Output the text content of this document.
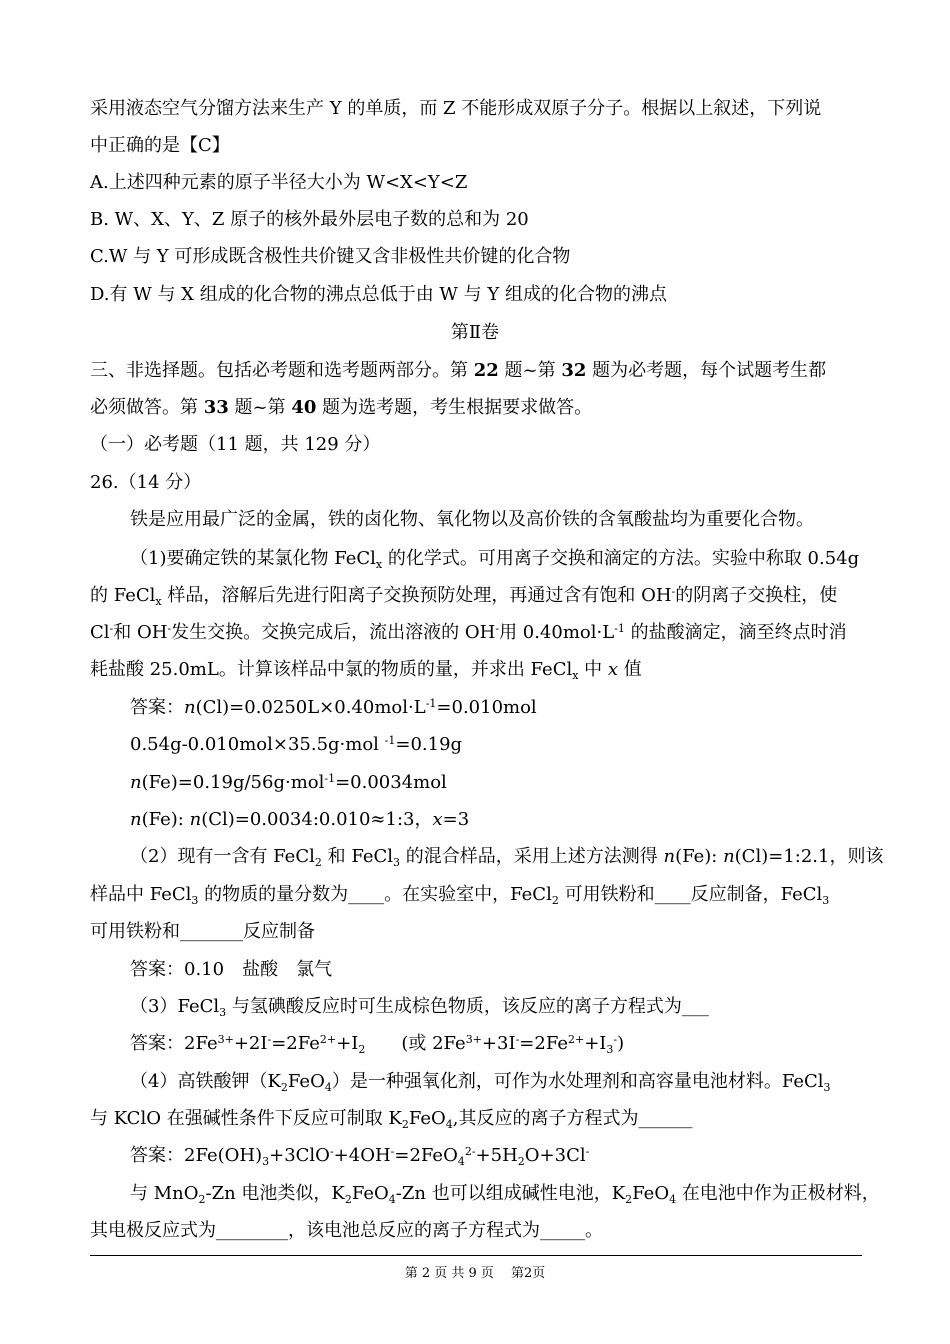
采用液态空气分馏方法来生产 Y 的单质，而 Z 不能形成双原子分子。根据以上叙述，下列说
中正确的是【C】
A.上述四种元素的原子半径大小为 W<X<Y<Z
B. W、X、Y、Z 原子的核外最外层电子数的总和为 20
C.W 与 Y 可形成既含极性共价键又含非极性共价键的化合物
D.有 W 与 X 组成的化合物的沸点总低于由 W 与 Y 组成的化合物的沸点
第Ⅱ卷
三、非选择题。包括必考题和选考题两部分。第 22 题~第 32 题为必考题，每个试题考生都
必须做答。第 33 题~第 40 题为选考题，考生根据要求做答。
（一）必考题（11 题，共 129 分）
26.（14 分）
铁是应用最广泛的金属，铁的卤化物、氧化物以及高价铁的含氧酸盐均为重要化合物。
（1)要确定铁的某氯化物 FeCl$_x$ 的化学式。可用离子交换和滴定的方法。实验中称取 0.54g
的 FeCl$_x$ 样品，溶解后先进行阳离子交换预防处理，再通过含有饱和 OH-的阴离子交换柱，使
Cl-和 OH-发生交换。交换完成后，流出溶液的 OH-用 $0.40mol\cdot L^{-1}$ 的盐酸滴定，滴至终点时消
耗盐酸 25.0mL。计算该样品中氯的物质的量，并求出 FeCl$_x$ 中 x 值
答案：$n(Cl)=0.0250L\times 0.40mol\cdot L^{-1}=0.010mol$
0.54g-0.010mol×35.5g·mol $^{-1}$=0.19g
n(Fe)=0.19g/56g·mol$^{-1}$=0.0034mol
n(Fe): n(Cl)=0.0034:0.010≈1:3，x=3
（2）现有一含有 FeCl$_2$ 和 FeCl$_3$ 的混合样品，采用上述方法测得 n(Fe): n(Cl)=1:2.1，则该
样品中 FeCl$_3$ 的物质的量分数为____。在实验室中，FeCl$_2$ 可用铁粉和____反应制备，FeCl$_3$
可用铁粉和_______反应制备
答案：0.10　盐酸　氯气
（3）FeCl$_3$ 与氢碘酸反应时可生成棕色物质，该反应的离子方程式为___
答案：$2Fe^{3+}+2I^-=2Fe^{2+}+I_2$　　(或 $2Fe^{3+}+3I^-=2Fe^{2+}+I_3^-$)
（4）高铁酸钾$(K_2FeO_4)$是一种强氧化剂，可作为水处理剂和高容量电池材料。FeCl$_3$
与 KClO 在强碱性条件下反应可制取 $K_2FeO_4$,其反应的离子方程式为______
答案：$2Fe(OH)_3+3ClO^-+4OH^-=2FeO_4^{2-}+5H_2O+3Cl^-$
与 MnO$_2$-Zn 电池类似，$K_2FeO_4-Zn$ 也可以组成碱性电池，$K_2FeO_4$ 在电池中作为正极材料，
其电极反应式为________，该电池总反应的离子方程式为_____。
第 2 页 共 9 页　 第2页
